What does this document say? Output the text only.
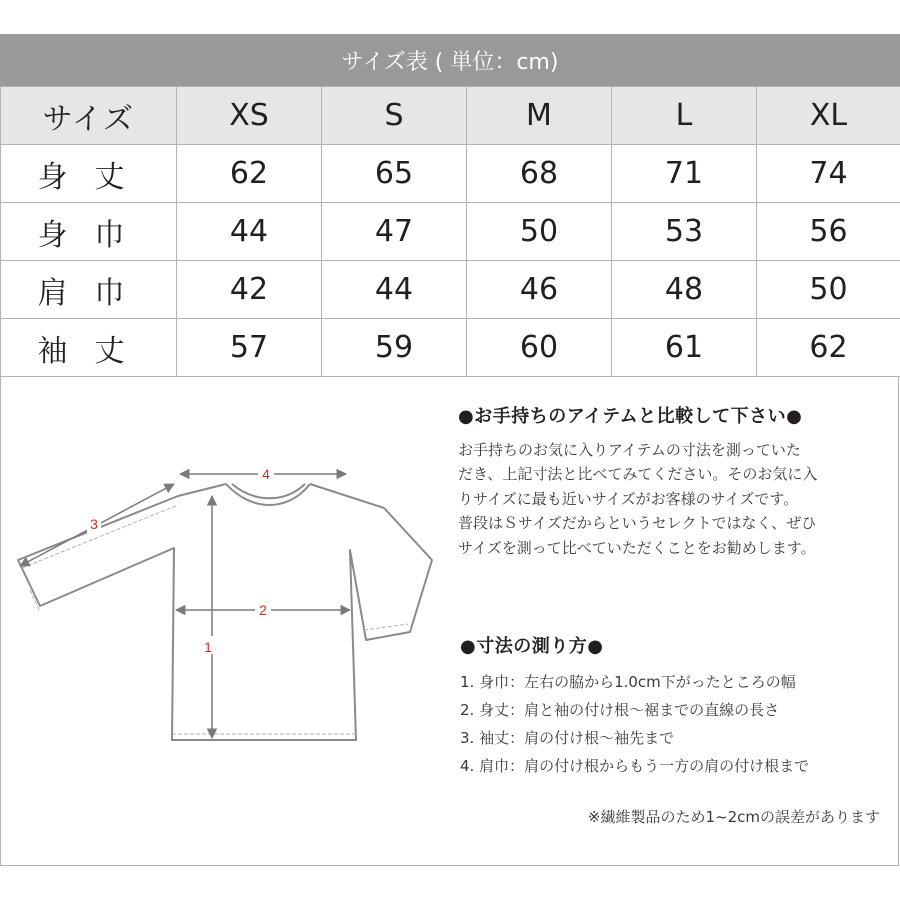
サイズ表 ( 単位：cm)
サイズ	XS	S	M	L	XL
身丈	62	65	68	71	74
身巾	44	47	50	53	56
肩巾	42	44	46	48	50
袖丈	57	59	60	61	62
1
2
3
4

●お手持ちのアイテムと比較して下さい●

お手持ちのお気に入りアイテムの寸法を測っていた

だき、上記寸法と比べてみてください。そのお気に入

りサイズに最も近いサイズがお客様のサイズです。

普段はＳサイズだからというセレクトではなく、ぜひ

サイズを測って比べていただくことをお勧めします。

●寸法の測り方●

1. 身巾：左右の脇から1.0cm下がったところの幅
2. 身丈：肩と袖の付け根～裾までの直線の長さ
3. 袖丈：肩の付け根～袖先まで
4. 肩巾：肩の付け根からもう一方の肩の付け根まで
※繊維製品のため1~2cmの誤差があります
